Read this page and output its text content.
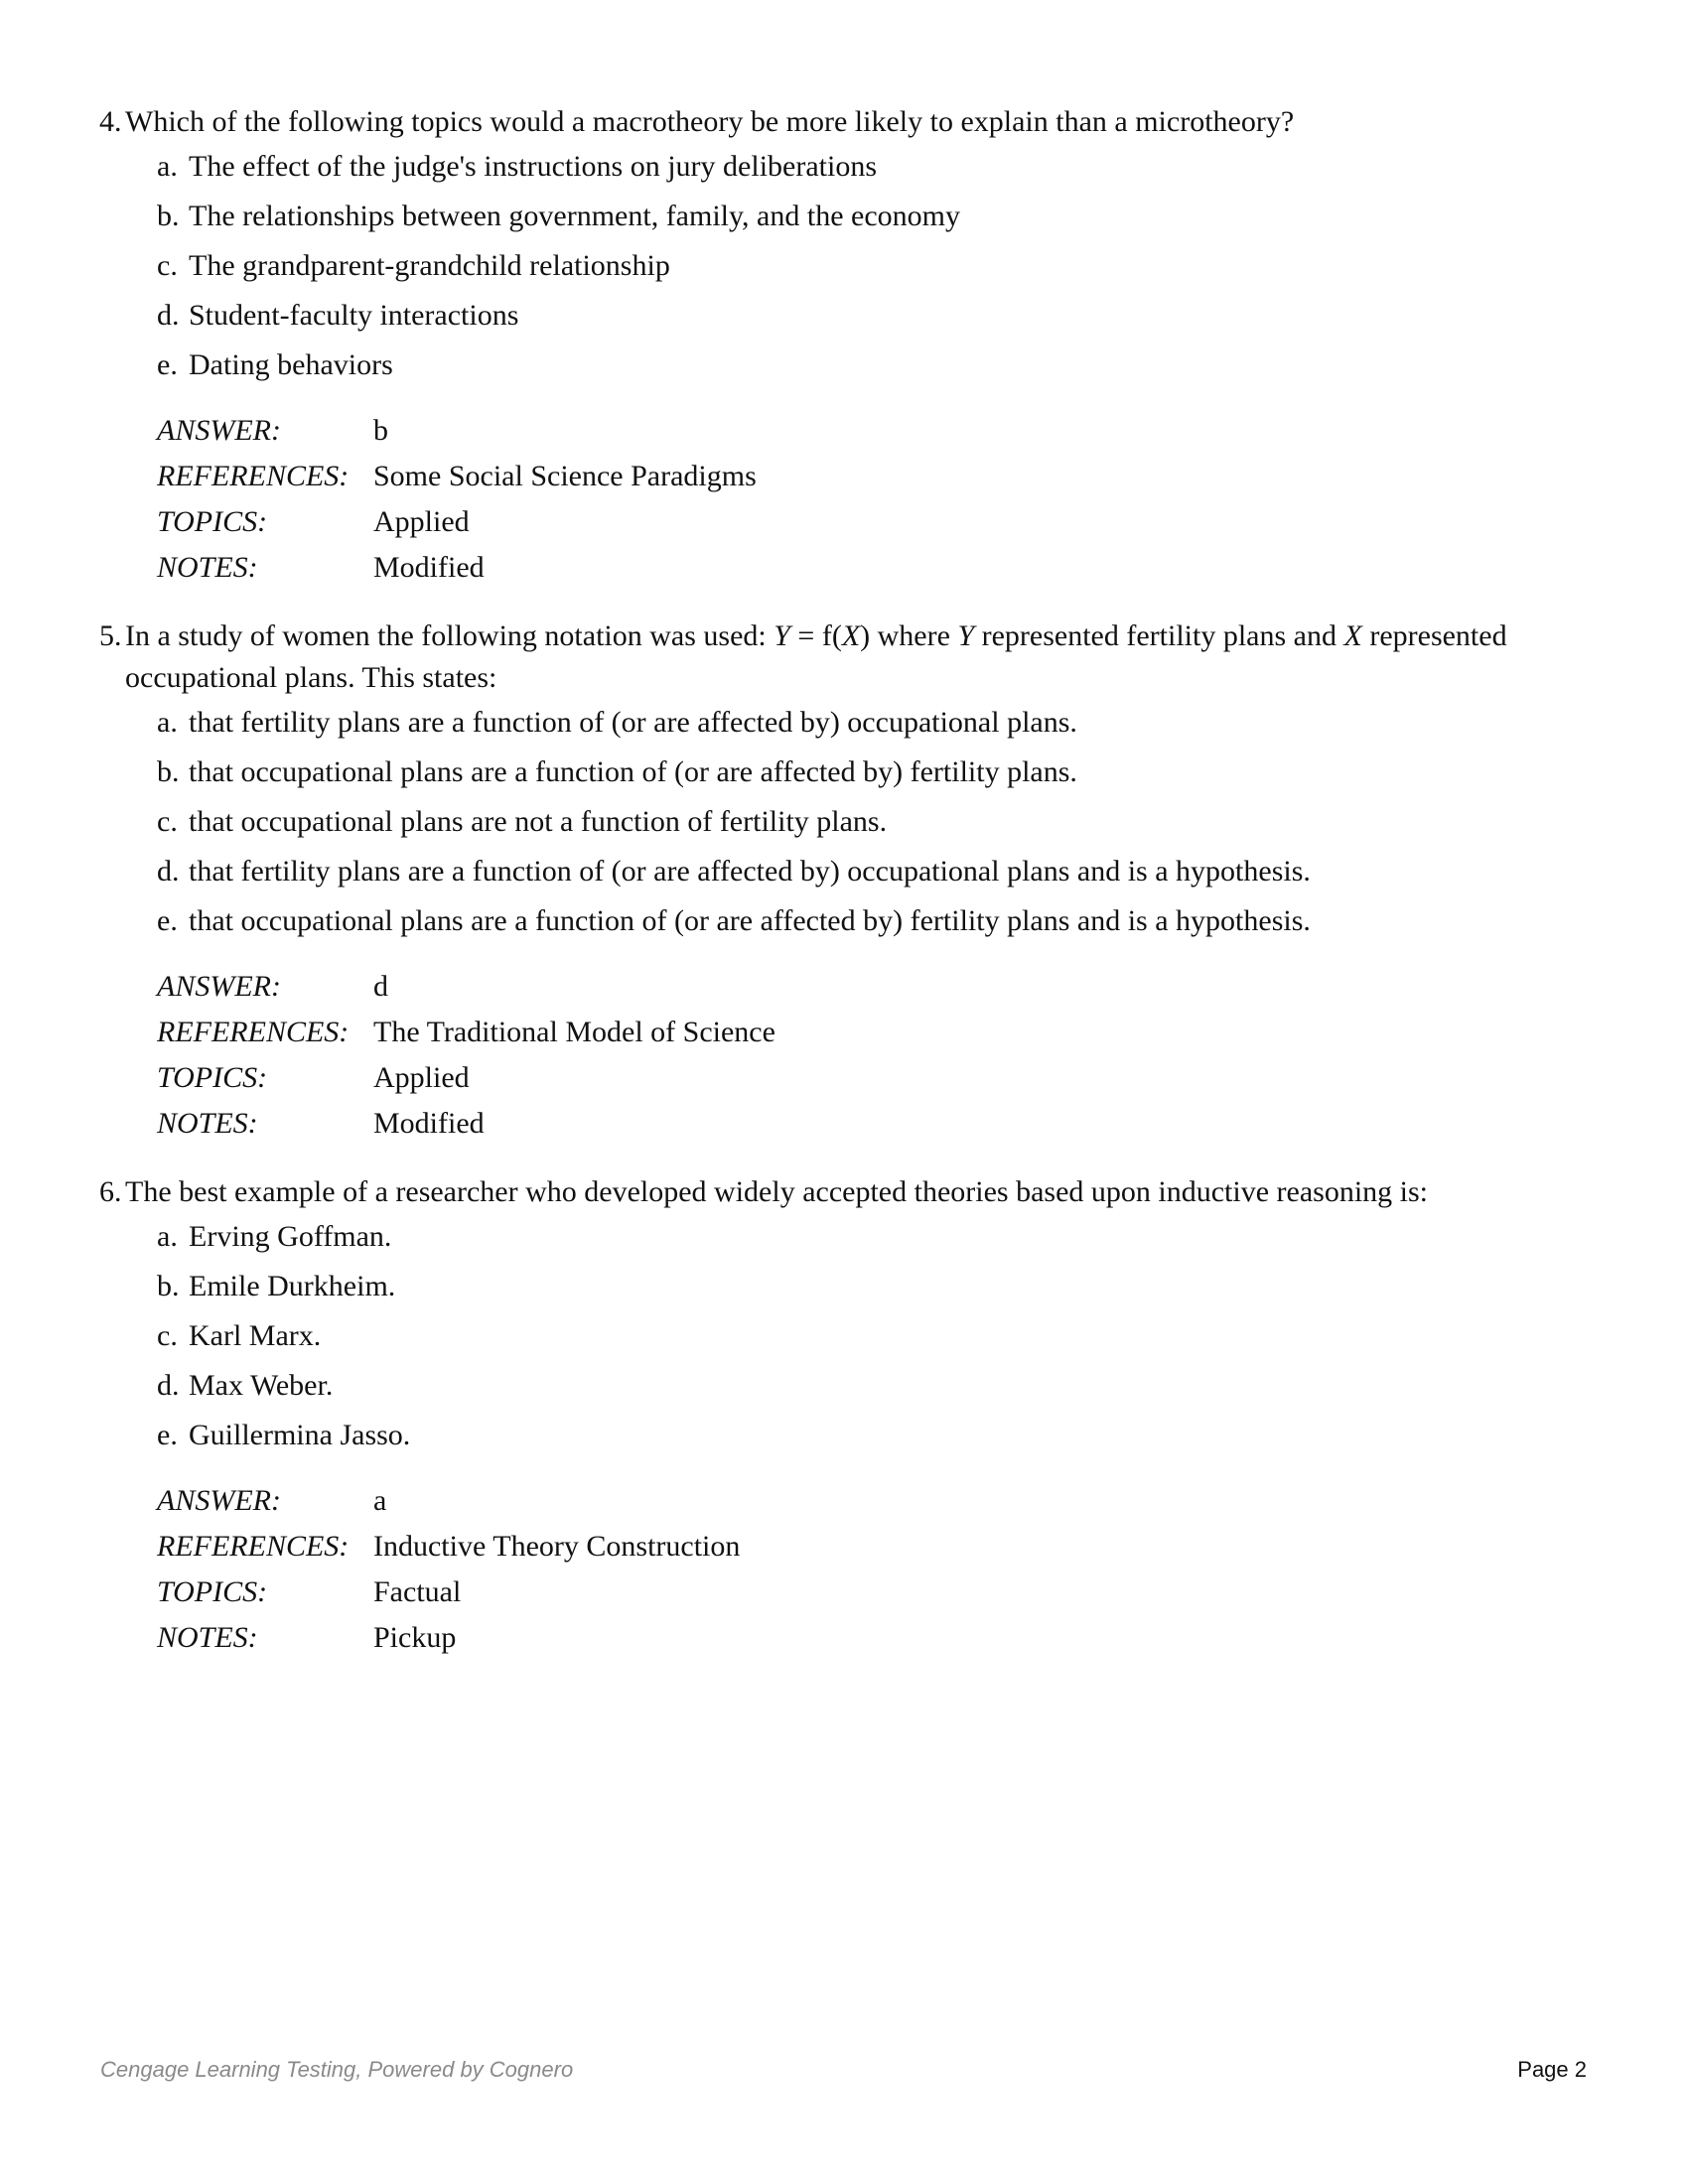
4. Which of the following topics would a macrotheory be more likely to explain than a microtheory?

a. The effect of the judge's instructions on jury deliberations
b. The relationships between government, family, and the economy
c. The grandparent-grandchild relationship
d. Student-faculty interactions
e. Dating behaviors
ANSWER:	b
REFERENCES: Some Social Science Paradigms
TOPICS:	Applied
NOTES:	Modified

5. In a study of women the following notation was used: Y = f(X) where Y represented fertility plans and X represented occupational plans. This states:

a. that fertility plans are a function of (or are affected by) occupational plans.
b. that occupational plans are a function of (or are affected by) fertility plans.
c. that occupational plans are not a function of fertility plans.
d. that fertility plans are a function of (or are affected by) occupational plans and is a hypothesis.
e. that occupational plans are a function of (or are affected by) fertility plans and is a hypothesis.
ANSWER:	d
REFERENCES: The Traditional Model of Science
TOPICS:	Applied
NOTES:	Modified

6. The best example of a researcher who developed widely accepted theories based upon inductive reasoning is:

a. Erving Goffman.
b. Emile Durkheim.
c. Karl Marx.
d. Max Weber.
e. Guillermina Jasso.
ANSWER:	a
REFERENCES: Inductive Theory Construction
TOPICS:	Factual
NOTES:	Pickup
Cengage Learning Testing, Powered by Cognero	Page 2
